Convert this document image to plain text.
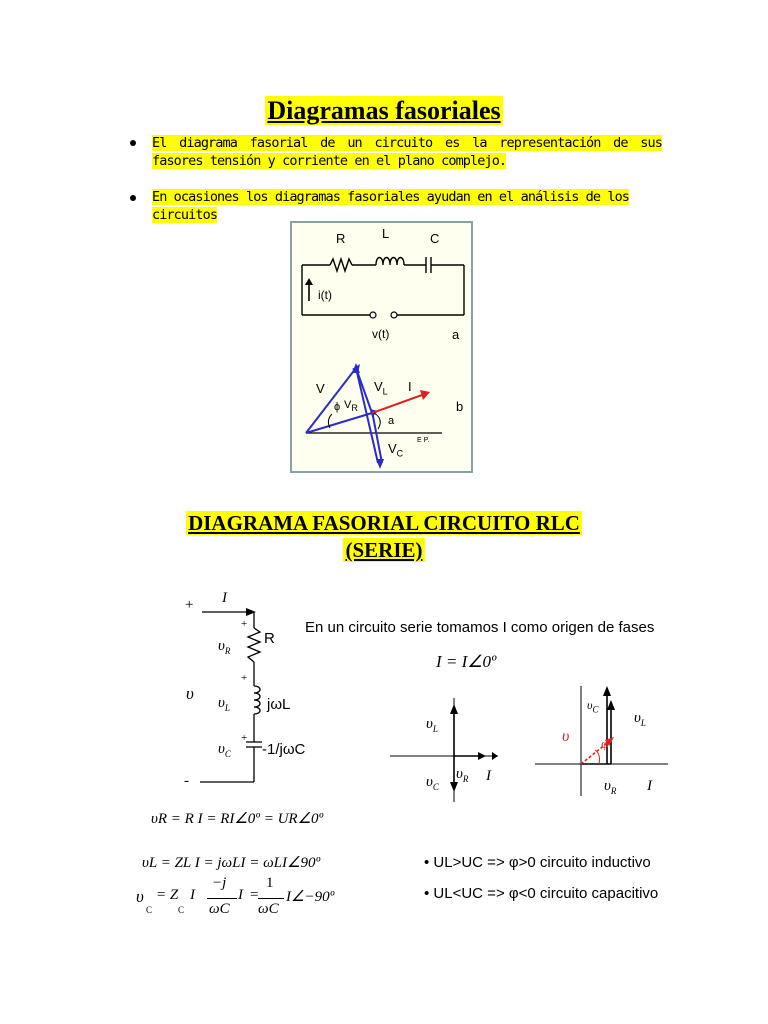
Diagramas fasoriales
El diagrama fasorial de un circuito es la representación de sus fasores tensión y corriente en el plano complejo.
En ocasiones los diagramas fasoriales ayudan en el análisis de los circuitos
R	L	C
i(t)
v(t)	a
b
V
ϕ $V_R$
$V_L$ I
a
$V_C$
E P.
DIAGRAMA FASORIAL CIRCUITO RLC
(SERIE)
+ I
+
$\upsilon_R$
R
+
υ $\upsilon_L$ jωL
+
$\upsilon_C$ -1/jωC
-
En un circuito serie tomamos I como origen de fases
I = I∠0º
$\upsilon_L$
$\upsilon_C$
$\upsilon_R$ I
$\upsilon_C$
$\upsilon_L$
υ φ
$\upsilon_R$ I
υR = R I = RI∠0º = UR∠0º
υL = ZL I = jωLI = ωLI∠90º
υ
C
= Z
C
I
−j
ωC
I =
1
ωC
I∠−90º
• UL>UC => φ>0 circuito inductivo
• UL<UC => φ<0 circuito capacitivo
